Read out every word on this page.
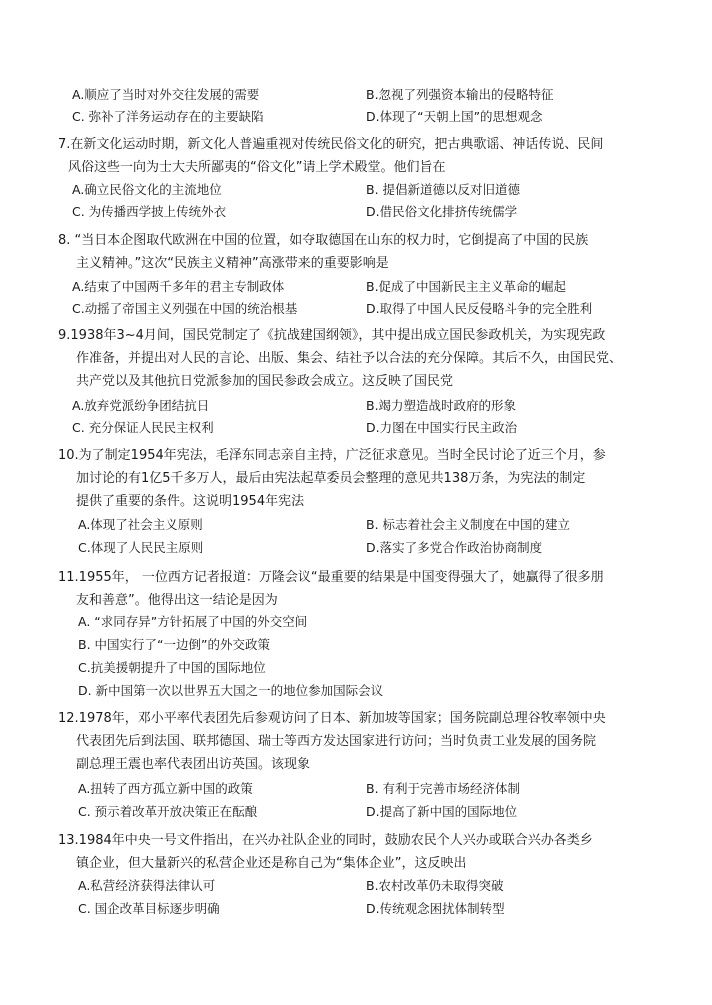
A.顺应了当时对外交往发展的需要	B.忽视了列强资本输出的侵略特征
C. 弥补了洋务运动存在的主要缺陷	D.体现了“天朝上国”的思想观念
7.在新文化运动时期，新文化人普遍重视对传统民俗文化的研究，把古典歌谣、神话传说、民间
风俗这些一向为士大夫所鄙夷的“俗文化”请上学术殿堂。他们旨在
A.确立民俗文化的主流地位	B. 提倡新道德以反对旧道德
C. 为传播西学披上传统外衣	D.借民俗文化排挤传统儒学
8. “当日本企图取代欧洲在中国的位置，如夺取德国在山东的权力时，它倒提高了中国的民族
主义精神。”这次“民族主义精神”高涨带来的重要影响是
A.结束了中国两千多年的君主专制政体	B.促成了中国新民主主义革命的崛起
C.动摇了帝国主义列强在中国的统治根基	D.取得了中国人民反侵略斗争的完全胜利
9.1938年3~4月间，国民党制定了《抗战建国纲领》，其中提出成立国民参政机关，为实现宪政
作准备，并提出对人民的言论、出版、集会、结社予以合法的充分保障。其后不久，由国民党、
共产党以及其他抗日党派参加的国民参政会成立。这反映了国民党
A.放弃党派纷争团结抗日	B.竭力塑造战时政府的形象
C. 充分保证人民民主权利	D.力图在中国实行民主政治
10.为了制定1954年宪法，毛泽东同志亲自主持，广泛征求意见。当时全民讨论了近三个月，参
加讨论的有1亿5千多万人，最后由宪法起草委员会整理的意见共138万条，为宪法的制定
提供了重要的条件。这说明1954年宪法
A.体现了社会主义原则	B. 标志着社会主义制度在中国的建立
C.体现了人民民主原则	D.落实了多党合作政治协商制度
11.1955年， 一位西方记者报道：万隆会议“最重要的结果是中国变得强大了，她赢得了很多朋
友和善意”。他得出这一结论是因为
A. “求同存异”方针拓展了中国的外交空间
B. 中国实行了“一边倒”的外交政策
C.抗美援朝提升了中国的国际地位
D. 新中国第一次以世界五大国之一的地位参加国际会议
12.1978年，邓小平率代表团先后参观访问了日本、新加坡等国家；国务院副总理谷牧率领中央
代表团先后到法国、联邦德国、瑞士等西方发达国家进行访问；当时负责工业发展的国务院
副总理王震也率代表团出访英国。该现象
A.扭转了西方孤立新中国的政策	B. 有利于完善市场经济体制
C. 预示着改革开放决策正在酝酿	D.提高了新中国的国际地位
13.1984年中央一号文件指出，在兴办社队企业的同时，鼓励农民个人兴办或联合兴办各类乡
镇企业，但大量新兴的私营企业还是称自己为“集体企业”，这反映出
A.私营经济获得法律认可	B.农村改革仍未取得突破
C. 国企改革目标逐步明确	D.传统观念困扰体制转型
